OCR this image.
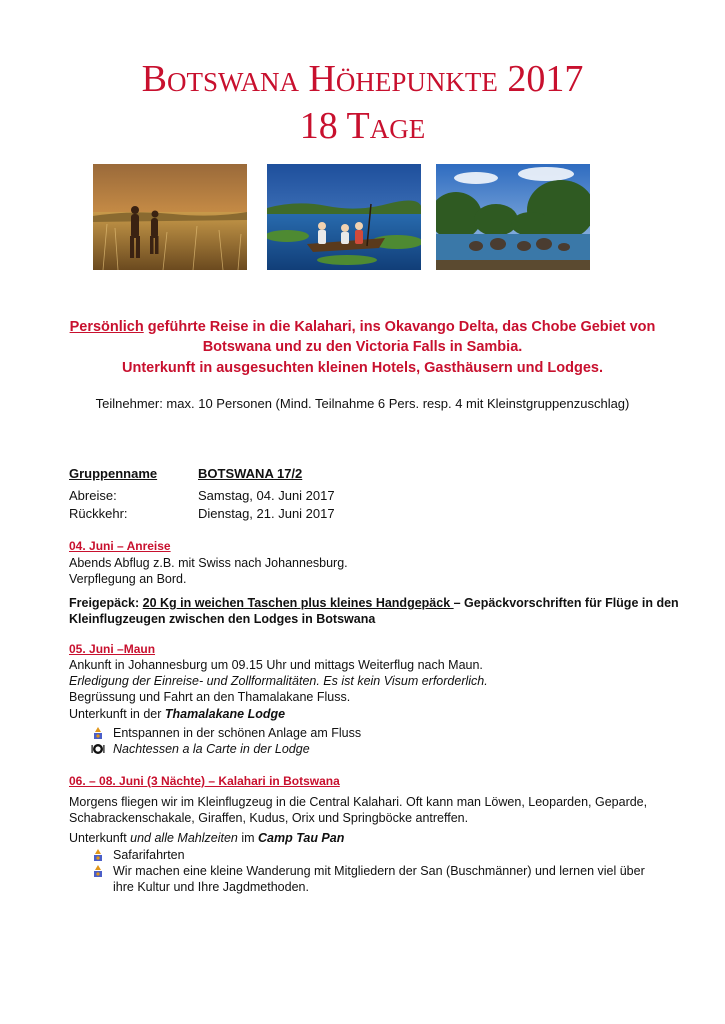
Botswana Höhepunkte 2017
18 Tage
Persönlich geführte Reise in die Kalahari, ins Okavango Delta, das Chobe Gebiet von
Botswana und zu den Victoria Falls in Sambia.
Unterkunft in ausgesuchten kleinen Hotels, Gasthäusern und Lodges.
Teilnehmer: max. 10 Personen (Mind. Teilnahme 6 Pers. resp. 4 mit Kleinstgruppenzuschlag)
Gruppenname	BOTSWANA 17/2
Abreise:	Samstag, 04. Juni 2017
Rückkehr:	Dienstag, 21. Juni 2017
04. Juni – Anreise
Abends Abflug z.B. mit Swiss nach Johannesburg.
Verpflegung an Bord.
Freigepäck: 20 Kg in weichen Taschen plus kleines Handgepäck – Gepäckvorschriften für Flüge in den
Kleinflugzeugen zwischen den Lodges in Botswana
05. Juni –Maun
Ankunft in Johannesburg um 09.15 Uhr und mittags Weiterflug nach Maun.
Erledigung der Einreise- und Zollformalitäten. Es ist kein Visum erforderlich.
Begrüssung und Fahrt an den Thamalakane Fluss.
Unterkunft in der Thamalakane Lodge
Entspannen in der schönen Anlage am Fluss
Nachtessen a la Carte in der Lodge
06. – 08. Juni (3 Nächte) – Kalahari in Botswana
Morgens fliegen wir im Kleinflugzeug in die Central Kalahari. Oft kann man Löwen, Leoparden, Geparde,
Schabrackenschakale, Giraffen, Kudus, Orix und Springböcke antreffen.
Unterkunft und alle Mahlzeiten im Camp Tau Pan
Safarifahrten
Wir machen eine kleine Wanderung mit Mitgliedern der San (Buschmänner) und lernen viel über
ihre Kultur und Ihre Jagdmethoden.
